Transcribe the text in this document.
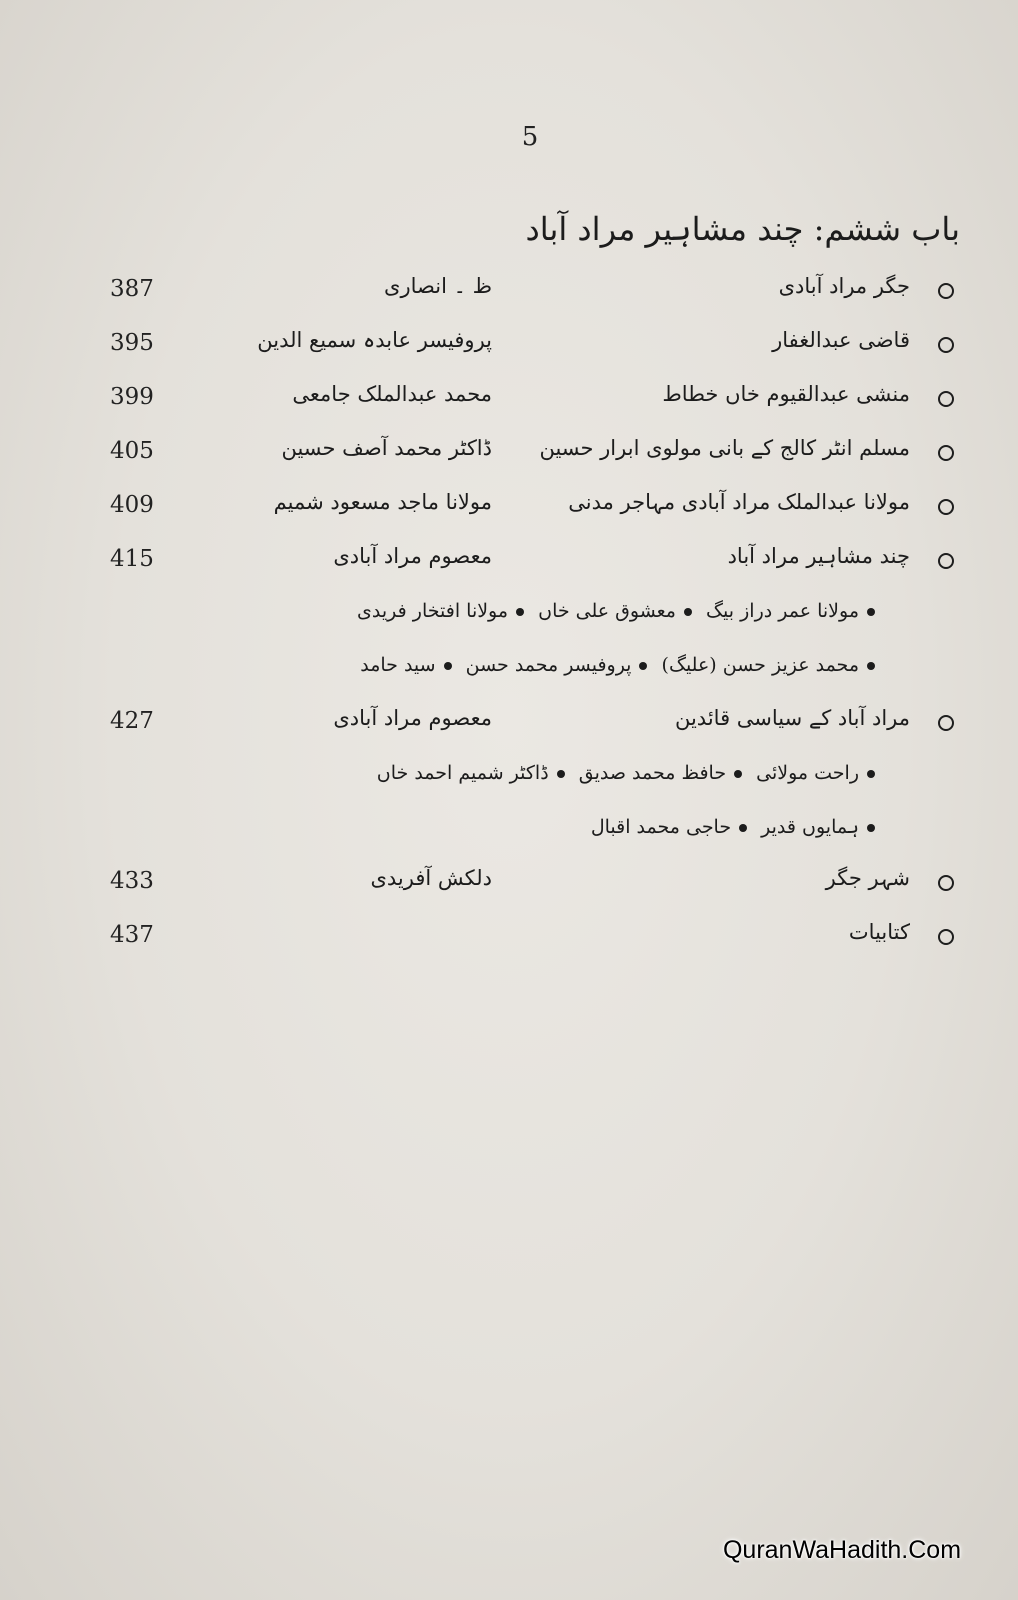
5
باب ششم: چند مشاہیر مراد آباد
جگر مراد آبادی
ظ ۔ انصاری
387
قاضی عبدالغفار
پروفیسر عابدہ سمیع الدین
395
منشی عبدالقیوم خاں خطاط
محمد عبدالملک جامعی
399
مسلم انٹر کالج کے بانی مولوی ابرار حسین
ڈاکٹر محمد آصف حسین
405
مولانا عبدالملک مراد آبادی مہاجر مدنی
مولانا ماجد مسعود شمیم
409
چند مشاہیر مراد آباد
معصوم مراد آبادی
415
مولانا عمر دراز بیگ معشوق علی خاں مولانا افتخار فریدی
محمد عزیز حسن (علیگ) پروفیسر محمد حسن سید حامد
مراد آباد کے سیاسی قائدین
معصوم مراد آبادی
427
راحت مولائی حافظ محمد صدیق ڈاکٹر شمیم احمد خاں
ہمایوں قدیر حاجی محمد اقبال
شہر جگر
دلکش آفریدی
433
کتابیات
437
QuranWaHadith.Com
